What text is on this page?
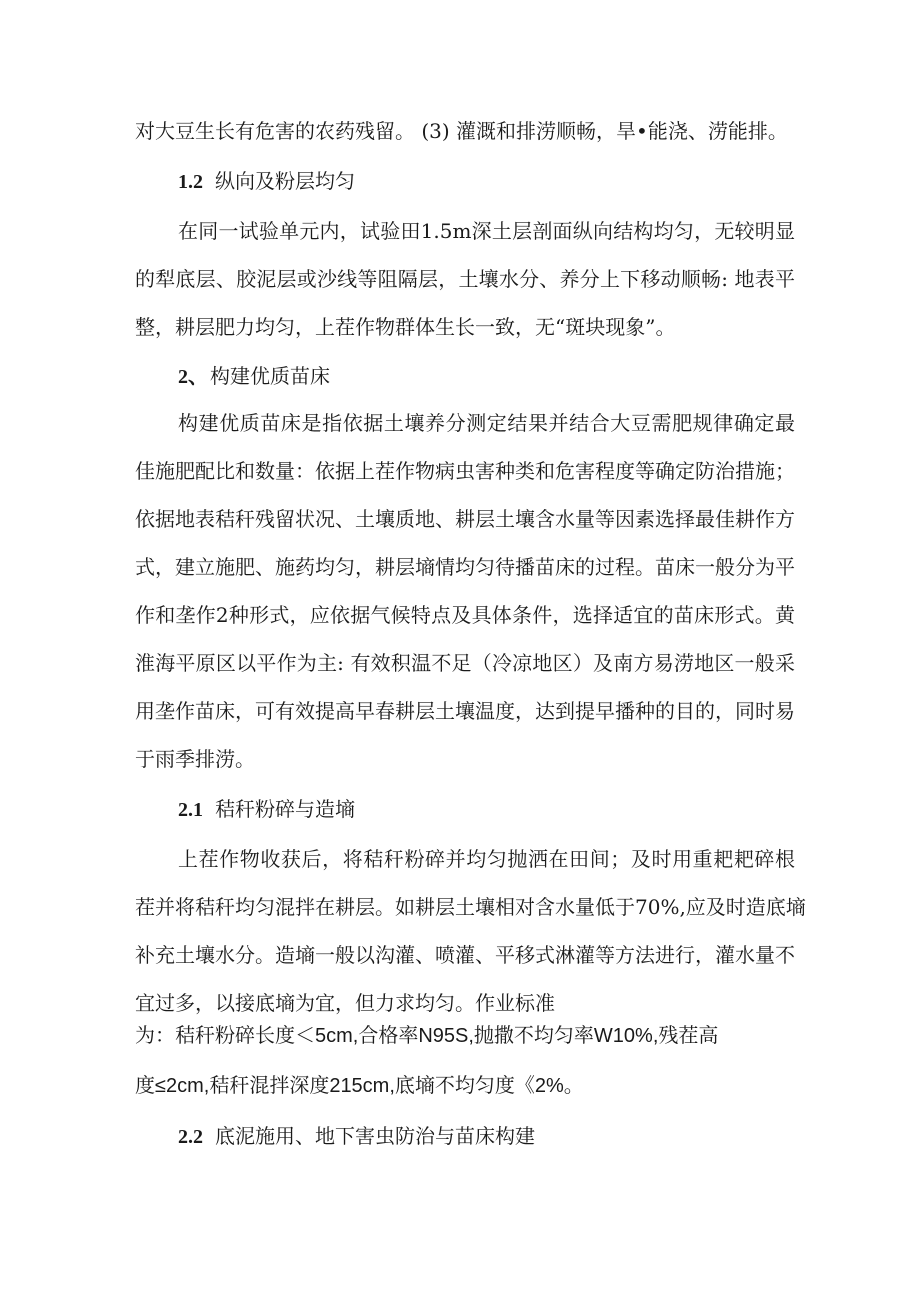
对大豆生长有危害的农药残留。 (3) 灌溉和排涝顺畅，旱•能浇、涝能排。
1.2 纵向及粉层均匀
在同一试验单元内，试验田1.5m深土层剖面纵向结构均匀，无较明显
的犁底层、胶泥层或沙线等阻隔层，土壤水分、养分上下移动顺畅: 地表平
整，耕层肥力均匀，上茬作物群体生长一致，无“斑块现象”。
2、 构建优质苗床
构建优质苗床是指依据土壤养分测定结果并结合大豆需肥规律确定最
佳施肥配比和数量：依据上茬作物病虫害种类和危害程度等确定防治措施；
依据地表秸秆残留状况、土壤质地、耕层土壤含水量等因素选择最佳耕作方
式，建立施肥、施药均匀，耕层墒情均匀待播苗床的过程。苗床一般分为平
作和垄作2种形式，应依据气候特点及具体条件，选择适宜的苗床形式。黄
淮海平原区以平作为主: 有效积温不足（冷凉地区）及南方易涝地区一般采
用垄作苗床，可有效提高早春耕层土壤温度，达到提早播种的目的，同时易
于雨季排涝。
2.1 秸秆粉碎与造墒
上茬作物收获后，将秸秆粉碎并均匀抛洒在田间；及时用重耙耙碎根
茬并将秸秆均匀混拌在耕层。如耕层土壤相对含水量低于70%,应及时造底墒
补充土壤水分。造墒一般以沟灌、喷灌、平移式淋灌等方法进行，灌水量不
宜过多，以接底墒为宜，但力求均匀。作业标准
为：秸秆粉碎长度＜5cm,合格率N95S,抛撒不均匀率W10%,残茬高
度≤2cm,秸秆混拌深度215cm,底墒不均匀度《2%。
2.2 底泥施用、地下害虫防治与苗床构建
